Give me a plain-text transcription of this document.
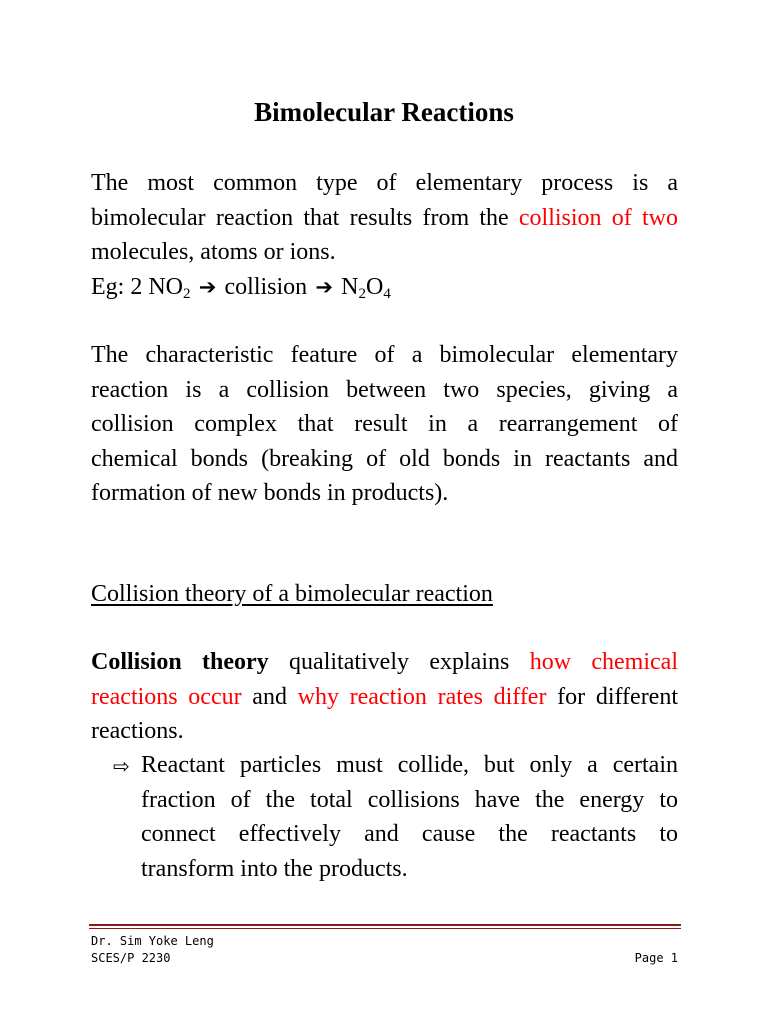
Bimolecular Reactions
The most common type of elementary process is a
bimolecular reaction that results from the collision of two
molecules, atoms or ions.
Eg: 2 $NO_2$ ➔ collision ➔ $N_2O_4$
The characteristic feature of a bimolecular elementary
reaction is a collision between two species, giving a
collision complex that result in a rearrangement of
chemical bonds (breaking of old bonds in reactants and
formation of new bonds in products).
Collision theory of a bimolecular reaction
Collision theory qualitatively explains how chemical
reactions occur and why reaction rates differ for different
reactions.
⇨ Reactant particles must collide, but only a certain
fraction of the total collisions have the energy to
connect effectively and cause the reactants to
transform into the products.
Dr. Sim Yoke Leng
SCES/P 2230	Page 1
